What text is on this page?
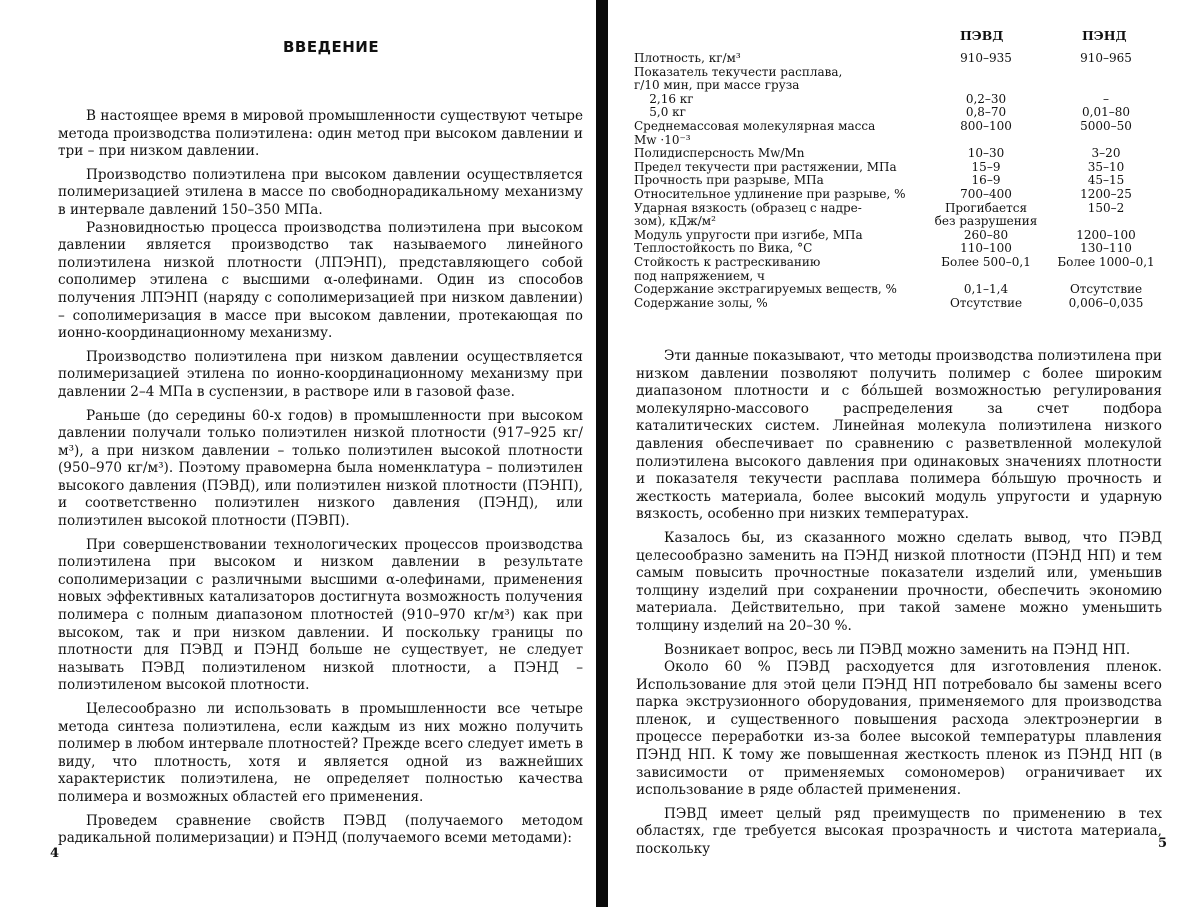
ВВЕДЕНИЕ

В настоящее время в мировой промышленности существуют четыре метода производства полиэтилена: один метод при высоком давлении и три – при низком давлении.

Производство полиэтилена при высоком давлении осуществляется полимеризацией этилена в массе по свободнорадикальному механизму в интервале давлений 150–350 МПа.

Разновидностью процесса производства полиэтилена при высоком давлении является производство так называемого линейного полиэтилена низкой плотности (ЛПЭНП), представляющего собой сополимер этилена с высшими α-олефинами. Один из способов получения ЛПЭНП (наряду с сополимеризацией при низком давлении) – сополимеризация в массе при высоком давлении, протекающая по ионно-координационному механизму.

Производство полиэтилена при низком давлении осуществляется полимеризацией этилена по ионно-координационному механизму при давлении 2–4 МПа в суспензии, в растворе или в газовой фазе.

Раньше (до середины 60-х годов) в промышленности при высоком давлении получали только полиэтилен низкой плотности (917–925 кг/м³), а при низком давлении – только полиэтилен высокой плотности (950–970 кг/м³). Поэтому правомерна была номенклатура – полиэтилен высокого давления (ПЭВД), или полиэтилен низкой плотности (ПЭНП), и соответственно полиэтилен низкого давления (ПЭНД), или полиэтилен высокой плотности (ПЭВП).

При совершенствовании технологических процессов производства полиэтилена при высоком и низком давлении в результате сополимеризации с различными высшими α-олефинами, применения новых эффективных катализаторов достигнута возможность получения полимера с полным диапазоном плотностей (910–970 кг/м³) как при высоком, так и при низком давлении. И поскольку границы по плотности для ПЭВД и ПЭНД больше не существует, не следует называть ПЭВД полиэтиленом низкой плотности, а ПЭНД – полиэтиленом высокой плотности.

Целесообразно ли использовать в промышленности все четыре метода синтеза полиэтилена, если каждым из них можно получить полимер в любом интервале плотностей? Прежде всего следует иметь в виду, что плотность, хотя и является одной из важнейших характеристик полиэтилена, не определяет полностью качества полимера и возможных областей его применения.

Проведем сравнение свойств ПЭВД (получаемого методом радикальной полимеризации) и ПЭНД (получаемого всеми методами):

4
ПЭВД	ПЭНД
Плотность, кг/м³	910–935	910–965
Показатель текучести расплава,
г/10 мин, при массе груза
2,16 кг	0,2–30	–
5,0 кг	0,8–70	0,01–80
Среднемассовая молекулярная масса	800–100	5000–50
Mw ·10⁻³
Полидисперсность Mw/Mn	10–30	3–20
Предел текучести при растяжении, МПа	15–9	35–10
Прочность при разрыве, МПа	16–9	45–15
Относительное удлинение при разрыве, %	700–400	1200–25
Ударная вязкость (образец с надре-	Прогибается	150–2
зом), кДж/м²	без разрушения
Модуль упругости при изгибе, МПа	260–80	1200–100
Теплостойкость по Вика, °С	110–100	130–110
Стойкость к растрескиванию	Более 500–0,1	Более 1000–0,1
под напряжением, ч
Содержание экстрагируемых веществ, %	0,1–1,4	Отсутствие
Содержание золы, %	Отсутствие	0,006–0,035

Эти данные показывают, что методы производства полиэтилена при низком давлении позволяют получить полимер с более широким диапазоном плотности и с бóльшей возможностью регулирования молекулярно-массового распределения за счет подбора каталитических систем. Линейная молекула полиэтилена низкого давления обеспечивает по сравнению с разветвленной молекулой полиэтилена высокого давления при одинаковых значениях плотности и показателя текучести расплава полимера бóльшую прочность и жесткость материала, более высокий модуль упругости и ударную вязкость, особенно при низких температурах.

Казалось бы, из сказанного можно сделать вывод, что ПЭВД целесообразно заменить на ПЭНД низкой плотности (ПЭНД НП) и тем самым повысить прочностные показатели изделий или, уменьшив толщину изделий при сохранении прочности, обеспечить экономию материала. Действительно, при такой замене можно уменьшить толщину изделий на 20–30 %.

Возникает вопрос, весь ли ПЭВД можно заменить на ПЭНД НП.

Около 60 % ПЭВД расходуется для изготовления пленок. Использование для этой цели ПЭНД НП потребовало бы замены всего парка экструзионного оборудования, применяемого для производства пленок, и существенного повышения расхода электроэнергии в процессе переработки из-за более высокой температуры плавления ПЭНД НП. К тому же повышенная жесткость пленок из ПЭНД НП (в зависимости от применяемых сомономеров) ограничивает их использование в ряде областей применения.

ПЭВД имеет целый ряд преимуществ по применению в тех областях, где требуется высокая прозрачность и чистота материала, поскольку	5
